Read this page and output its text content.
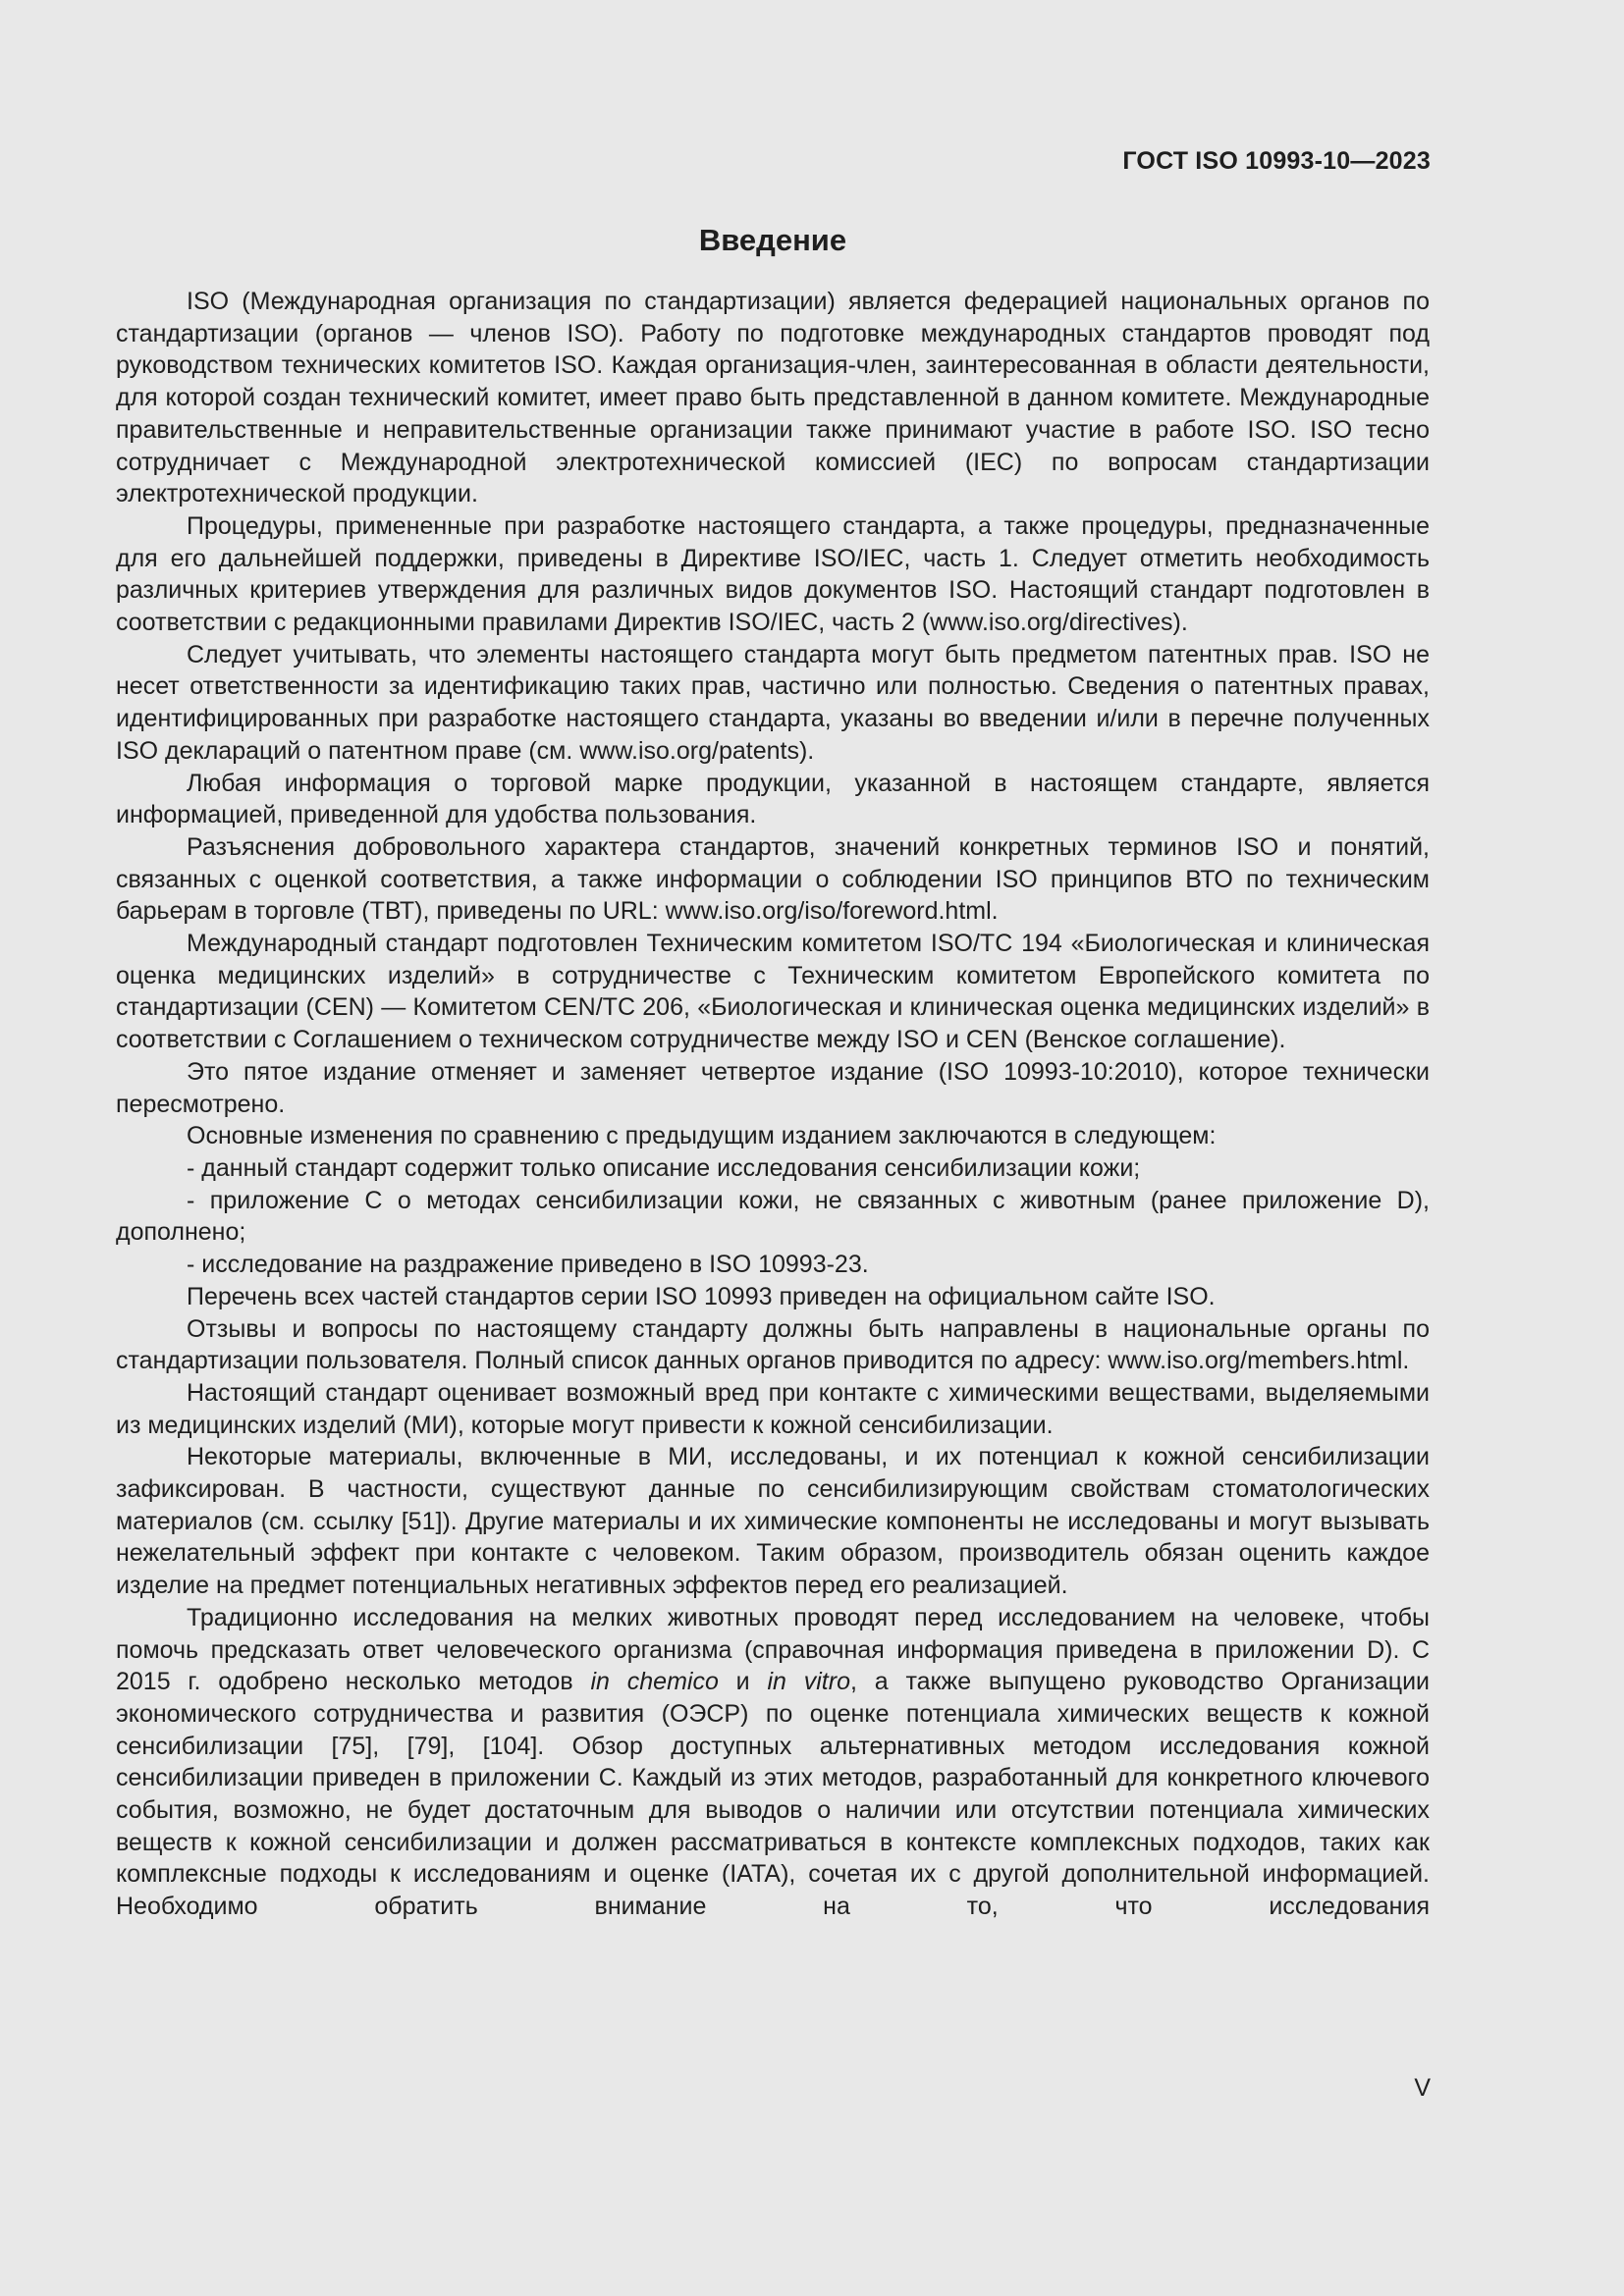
ГОСТ ISO 10993-10—2023

Введение

ISO (Международная организация по стандартизации) является федерацией национальных органов по стандартизации (органов — членов ISO). Работу по подготовке международных стандартов проводят под руководством технических комитетов ISO. Каждая организация-член, заинтересованная в области деятельности, для которой создан технический комитет, имеет право быть представленной в данном комитете. Международные правительственные и неправительственные организации также принимают участие в работе ISO. ISO тесно сотрудничает с Международной электротехнической комиссией (IEC) по вопросам стандартизации электротехнической продукции.

Процедуры, примененные при разработке настоящего стандарта, а также процедуры, предназначенные для его дальнейшей поддержки, приведены в Директиве ISO/IEC, часть 1. Следует отметить необходимость различных критериев утверждения для различных видов документов ISO. Настоящий стандарт подготовлен в соответствии с редакционными правилами Директив ISO/IEC, часть 2 (www.iso.org/directives).

Следует учитывать, что элементы настоящего стандарта могут быть предметом патентных прав. ISO не несет ответственности за идентификацию таких прав, частично или полностью. Сведения о патентных правах, идентифицированных при разработке настоящего стандарта, указаны во введении и/или в перечне полученных ISO деклараций о патентном праве (см. www.iso.org/patents).

Любая информация о торговой марке продукции, указанной в настоящем стандарте, является информацией, приведенной для удобства пользования.

Разъяснения добровольного характера стандартов, значений конкретных терминов ISO и понятий, связанных с оценкой соответствия, а также информации о соблюдении ISO принципов ВТО по техническим барьерам в торговле (ТВТ), приведены по URL: www.iso.org/iso/foreword.html.

Международный стандарт подготовлен Техническим комитетом ISO/TC 194 «Биологическая и клиническая оценка медицинских изделий» в сотрудничестве с Техническим комитетом Европейского комитета по стандартизации (CEN) — Комитетом CEN/TC 206, «Биологическая и клиническая оценка медицинских изделий» в соответствии с Соглашением о техническом сотрудничестве между ISO и CEN (Венское соглашение).

Это пятое издание отменяет и заменяет четвертое издание (ISO 10993-10:2010), которое технически пересмотрено.

Основные изменения по сравнению с предыдущим изданием заключаются в следующем:

- данный стандарт содержит только описание исследования сенсибилизации кожи;

- приложение С о методах сенсибилизации кожи, не связанных с животным (ранее приложение D), дополнено;

- исследование на раздражение приведено в ISO 10993-23.

Перечень всех частей стандартов серии ISO 10993 приведен на официальном сайте ISO.

Отзывы и вопросы по настоящему стандарту должны быть направлены в национальные органы по стандартизации пользователя. Полный список данных органов приводится по адресу: www.iso.org/members.html.

Настоящий стандарт оценивает возможный вред при контакте с химическими веществами, выделяемыми из медицинских изделий (МИ), которые могут привести к кожной сенсибилизации.

Некоторые материалы, включенные в МИ, исследованы, и их потенциал к кожной сенсибилизации зафиксирован. В частности, существуют данные по сенсибилизирующим свойствам стоматологических материалов (см. ссылку [51]). Другие материалы и их химические компоненты не исследованы и могут вызывать нежелательный эффект при контакте с человеком. Таким образом, производитель обязан оценить каждое изделие на предмет потенциальных негативных эффектов перед его реализацией.

Традиционно исследования на мелких животных проводят перед исследованием на человеке, чтобы помочь предсказать ответ человеческого организма (справочная информация приведена в приложении D). С 2015 г. одобрено несколько методов in chemico и in vitro, а также выпущено руководство Организации экономического сотрудничества и развития (ОЭСР) по оценке потенциала химических веществ к кожной сенсибилизации [75], [79], [104]. Обзор доступных альтернативных методом исследования кожной сенсибилизации приведен в приложении С. Каждый из этих методов, разработанный для конкретного ключевого события, возможно, не будет достаточным для выводов о наличии или отсутствии потенциала химических веществ к кожной сенсибилизации и должен рассматриваться в контексте комплексных подходов, таких как комплексные подходы к исследованиям и оценке (IATA), сочетая их с другой дополнительной информацией. Необходимо обратить внимание на то, что исследования

V
